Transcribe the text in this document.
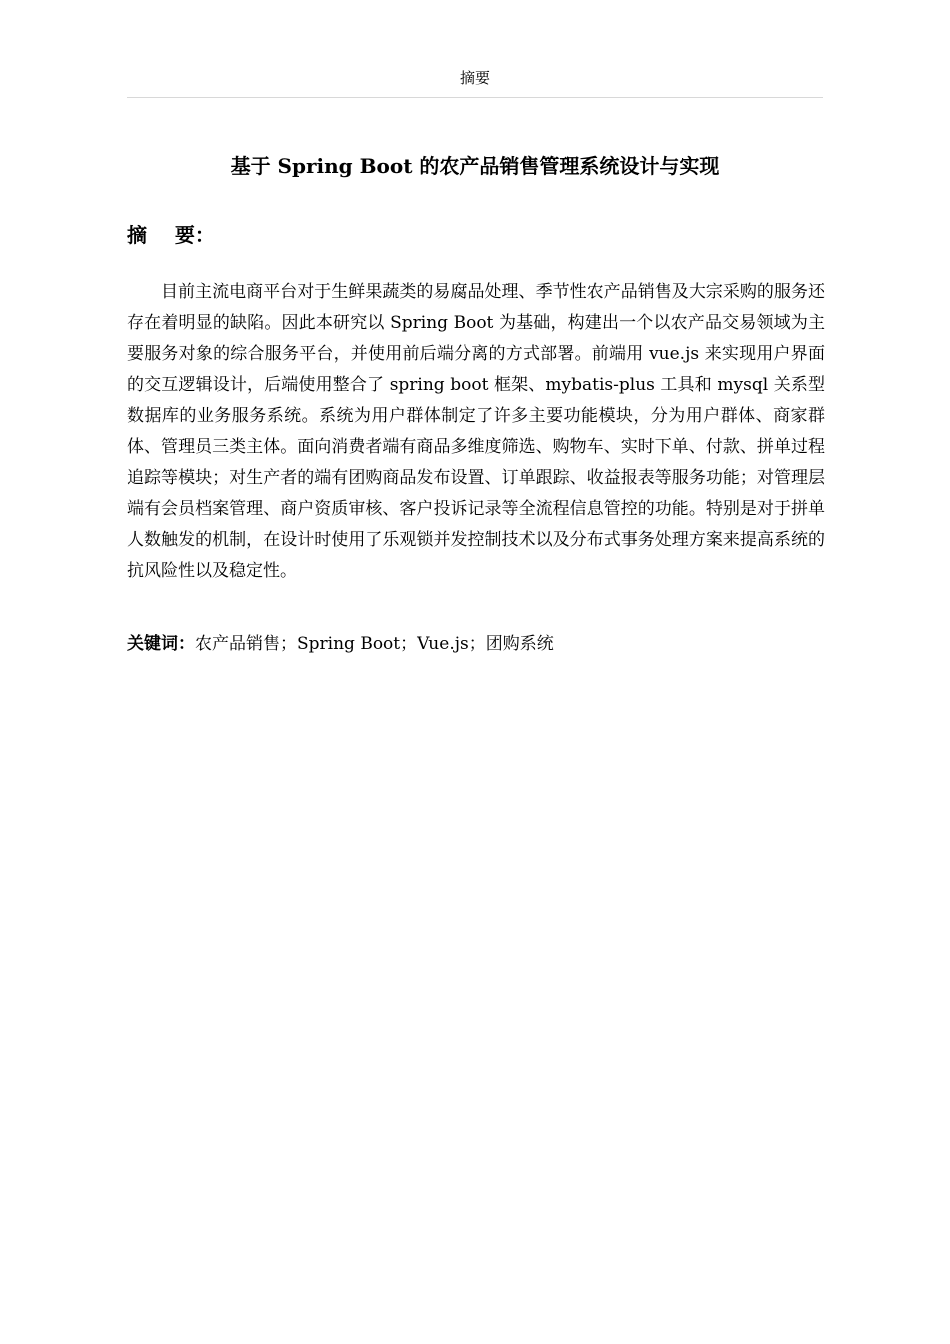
摘要
基于 Spring Boot 的农产品销售管理系统设计与实现
摘    要：
目前主流电商平台对于生鲜果蔬类的易腐品处理、季节性农产品销售及大宗采购的服务还存在着明显的缺陷。因此本研究以 Spring Boot 为基础，构建出一个以农产品交易领域为主要服务对象的综合服务平台，并使用前后端分离的方式部署。前端用 vue.js 来实现用户界面的交互逻辑设计，后端使用整合了 spring boot 框架、mybatis-plus 工具和 mysql 关系型数据库的业务服务系统。系统为用户群体制定了许多主要功能模块，分为用户群体、商家群体、管理员三类主体。面向消费者端有商品多维度筛选、购物车、实时下单、付款、拼单过程追踪等模块；对生产者的端有团购商品发布设置、订单跟踪、收益报表等服务功能；对管理层端有会员档案管理、商户资质审核、客户投诉记录等全流程信息管控的功能。特别是对于拼单人数触发的机制，在设计时使用了乐观锁并发控制技术以及分布式事务处理方案来提高系统的抗风险性以及稳定性。
关键词：农产品销售；Spring Boot；Vue.js；团购系统
